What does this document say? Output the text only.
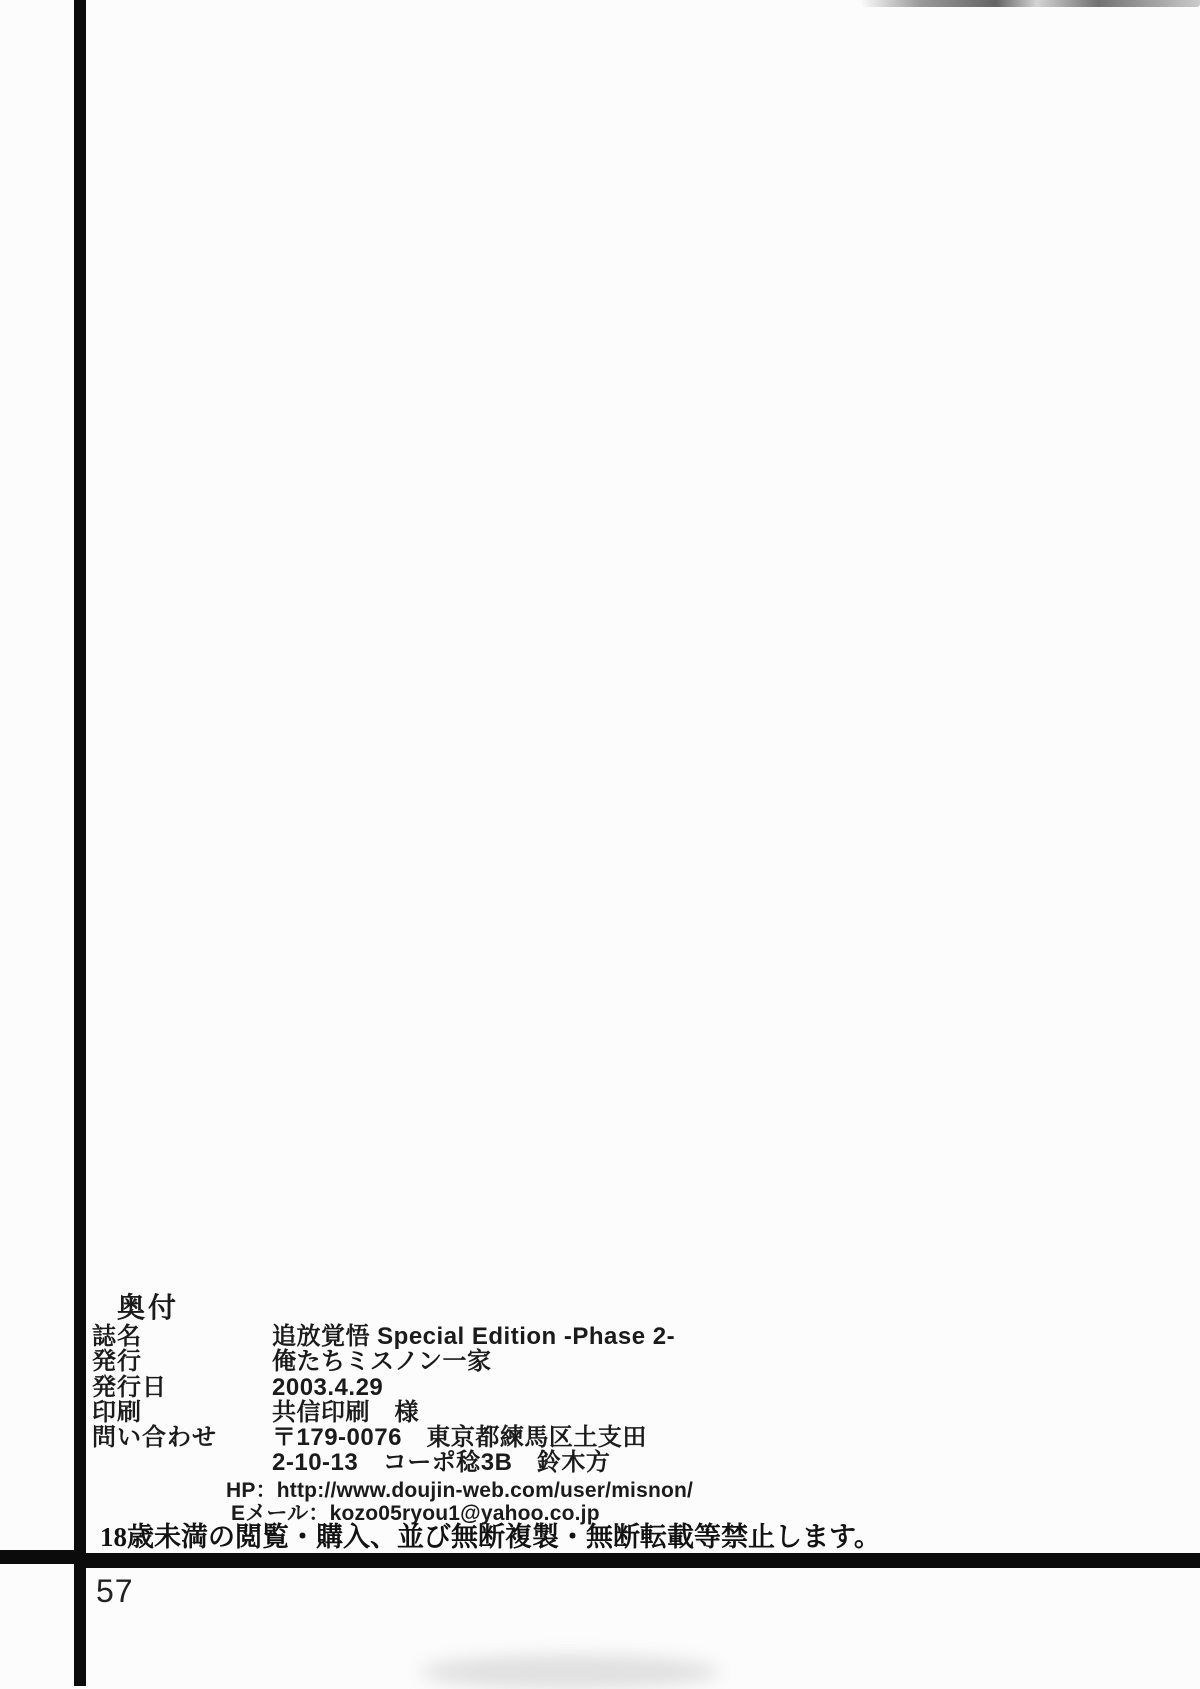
奥付
誌名	追放覚悟 Special Edition -Phase 2-
発行	俺たちミスノン一家
発行日	2003.4.29
印刷	共信印刷　様
問い合わせ	〒179-0076　東京都練馬区土支田
2-10-13　コーポ稔3B　鈴木方
HP：http://www.doujin-web.com/user/misnon/
Eメール：kozo05ryou1@yahoo.co.jp
18歳未満の閲覧・購入、並び無断複製・無断転載等禁止します。
57
